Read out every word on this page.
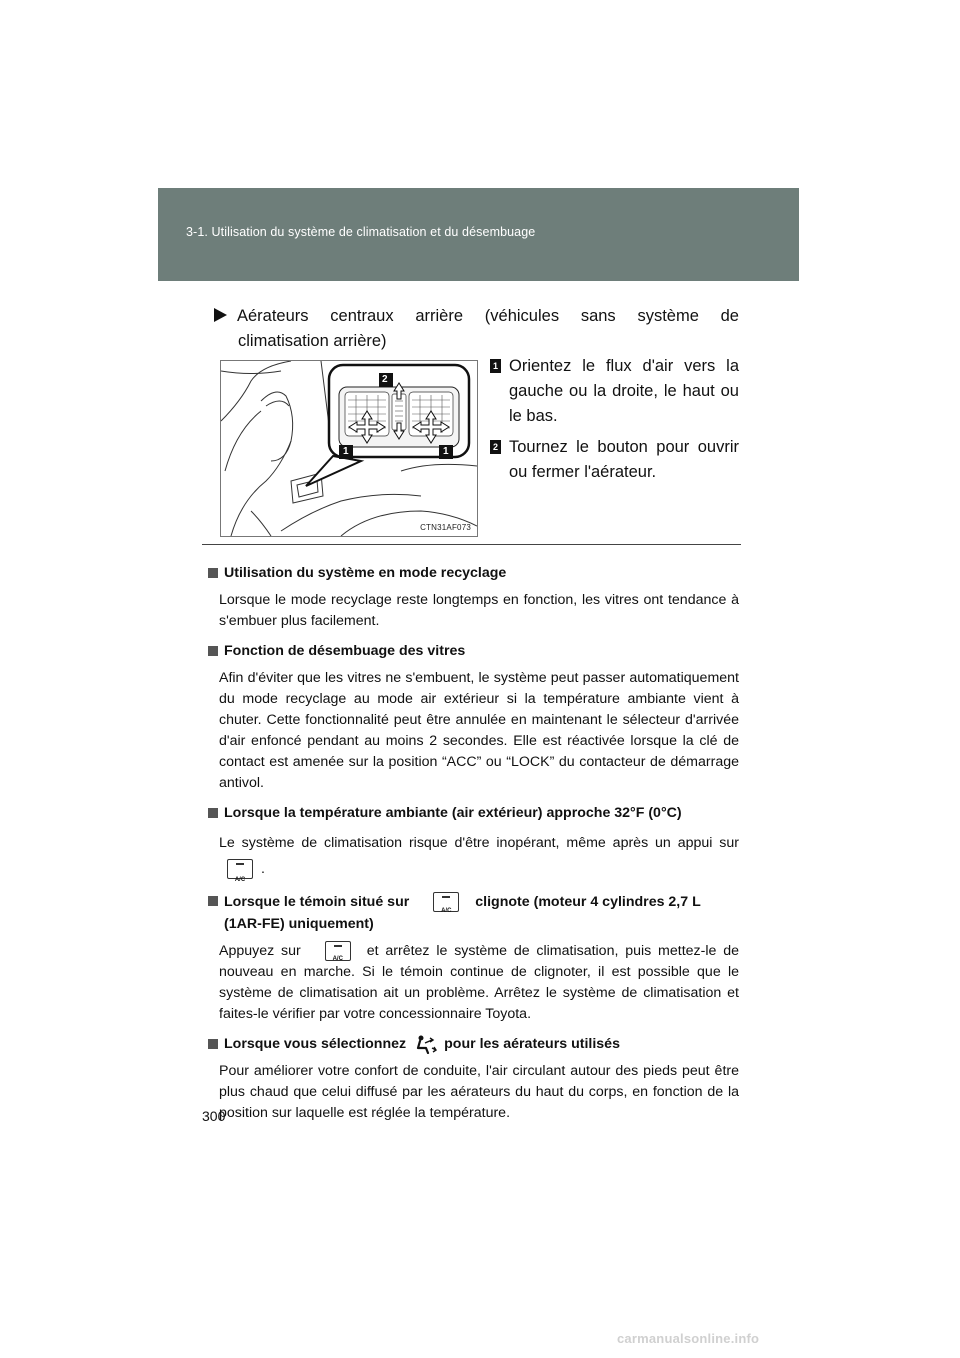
3-1. Utilisation du système de climatisation et du désembuage
Aérateurs centraux arrière (véhicules sans système de
climatisation arrière)
2
1	1
CTN31AF073
1 Orientez le flux d'air vers la gauche ou la droite, le haut ou le bas.
2 Tournez le bouton pour ouvrir ou fermer l'aérateur.
Utilisation du système en mode recyclage
Lorsque le mode recyclage reste longtemps en fonction, les vitres ont tendance à s'embuer plus facilement.
Fonction de désembuage des vitres
Afin d'éviter que les vitres ne s'embuent, le système peut passer automatiquement du mode recyclage au mode air extérieur si la température ambiante vient à chuter. Cette fonctionnalité peut être annulée en maintenant le sélecteur d'arrivée d'air enfoncé pendant au moins 2 secondes. Elle est réactivée lorsque la clé de contact est amenée sur la position “ACC” ou “LOCK” du contacteur de démarrage antivol.
Lorsque la température ambiante (air extérieur) approche 32°F (0°C)
Le système de climatisation risque d'être inopérant, même après un appui sur
A/C
.
Lorsque le témoin situé sur
A/C
clignote (moteur 4 cylindres 2,7 L (1AR-FE) uniquement)
Appuyez sur
A/C
et arrêtez le système de climatisation, puis mettez-le de nouveau en marche. Si le témoin continue de clignoter, il est possible que le système de climatisation ait un problème. Arrêtez le système de climatisation et faites-le vérifier par votre concessionnaire Toyota.
Lorsque vous sélectionnez	pour les aérateurs utilisés
Pour améliorer votre confort de conduite, l'air circulant autour des pieds peut être plus chaud que celui diffusé par les aérateurs du haut du corps, en fonction de la position sur laquelle est réglée la température.
300
carmanualsonline.info
